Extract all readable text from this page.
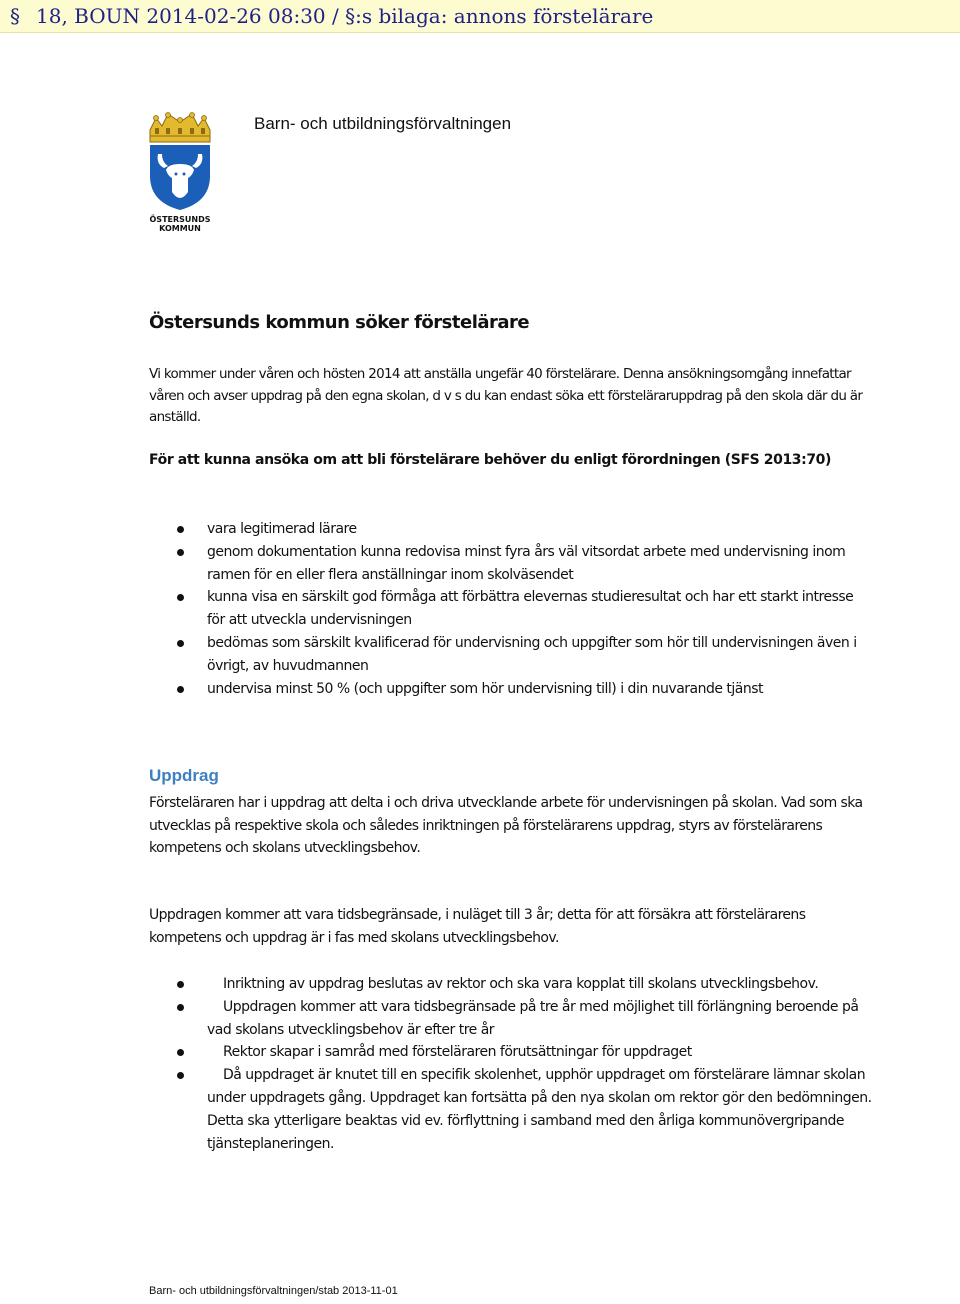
§ 18, BOUN 2014-02-26 08:30 / §:s bilaga: annons förstelärare
ÖSTERSUNDS
KOMMUN
Barn- och utbildningsförvaltningen
Östersunds kommun söker förstelärare

Vi kommer under våren och hösten 2014 att anställa ungefär 40 förstelärare. Denna ansökningsomgång innefattar våren och avser uppdrag på den egna skolan, d v s du kan endast söka ett försteläraruppdrag på den skola där du är anställd.

För att kunna ansöka om att bli förstelärare behöver du enligt förordningen (SFS 2013:70)

vara legitimerad lärare
genom dokumentation kunna redovisa minst fyra års väl vitsordat arbete med undervisning inom ramen för en eller flera anställningar inom skolväsendet
kunna visa en särskilt god förmåga att förbättra elevernas studieresultat och har ett starkt intresse för att utveckla undervisningen
bedömas som särskilt kvalificerad för undervisning och uppgifter som hör till undervisningen även i övrigt, av huvudmannen
undervisa minst 50 % (och uppgifter som hör undervisning till) i din nuvarande tjänst
Uppdrag

Försteläraren har i uppdrag att delta i och driva utvecklande arbete för undervisningen på skolan. Vad som ska utvecklas på respektive skola och således inriktningen på förstelärarens uppdrag, styrs av förstelärarens kompetens och skolans utvecklingsbehov.

Uppdragen kommer att vara tidsbegränsade, i nuläget till 3 år; detta för att försäkra att förstelärarens kompetens och uppdrag är i fas med skolans utvecklingsbehov.

Inriktning av uppdrag beslutas av rektor och ska vara kopplat till skolans utvecklingsbehov.
Uppdragen kommer att vara tidsbegränsade på tre år med möjlighet till förlängning beroende på vad skolans utvecklingsbehov är efter tre år
Rektor skapar i samråd med försteläraren förutsättningar för uppdraget
Då uppdraget är knutet till en specifik skolenhet, upphör uppdraget om förstelärare lämnar skolan under uppdragets gång. Uppdraget kan fortsätta på den nya skolan om rektor gör den bedömningen. Detta ska ytterligare beaktas vid ev. förflyttning i samband med den årliga kommunövergripande tjänsteplaneringen.
Barn- och utbildningsförvaltningen/stab 2013-11-01
